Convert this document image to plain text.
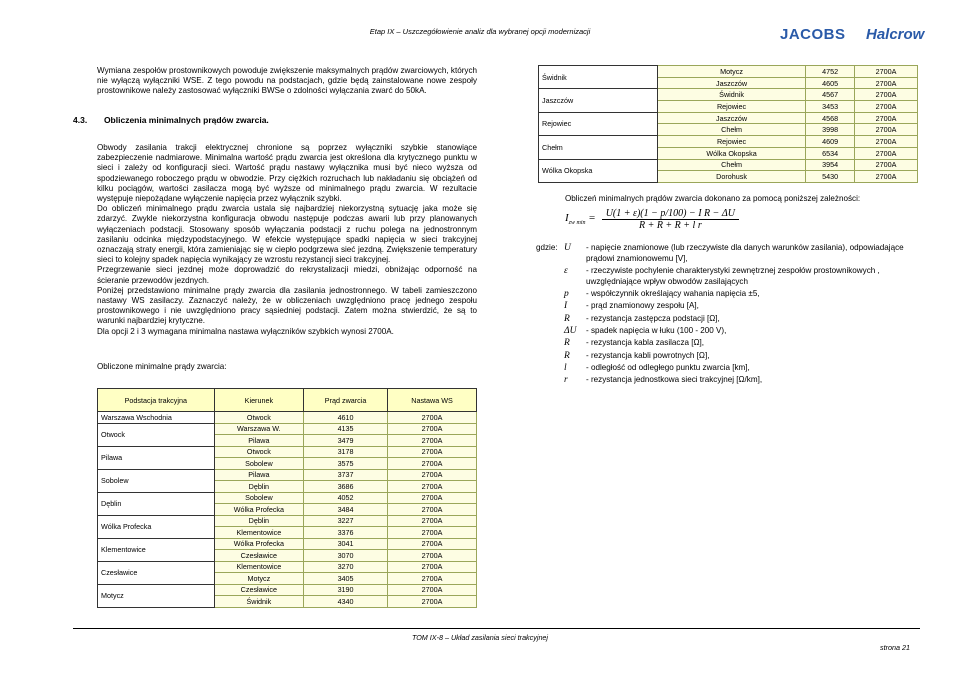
Etap IX – Uszczegółowienie analiz dla wybranej opcji modernizacji	JACOBS Halcrow
Wymiana zespołów prostownikowych powoduje zwiększenie maksymalnych prądów zwarciowych, których nie wyłączą wyłączniki WSE. Z tego powodu na podstacjach, gdzie będą zainstalowane nowe zespoły prostownikowe należy zastosować wyłączniki BWSe o zdolności wyłączania zwarć do 50kA.
4.3. Obliczenia minimalnych prądów zwarcia.
Obwody zasilania trakcji elektrycznej chronione są poprzez wyłączniki szybkie stanowiące zabezpieczenie nadmiarowe. Minimalna wartość prądu zwarcia jest określona dla krytycznego punktu w sieci i zależy od konfiguracji sieci. Wartość prądu nastawy wyłącznika musi być nieco wyższa od spodziewanego roboczego prądu w obwodzie. Przy ciężkich rozruchach lub nakładaniu się obciążeń od kilku pociągów, wartości zasilacza mogą być wyższe od minimalnego prądu zwarcia. W rezultacie występuje niepożądane wyłączenie napięcia przez wyłącznik szybki.
Do obliczeń minimalnego prądu zwarcia ustala się najbardziej niekorzystną sytuację jaka może się zdarzyć. Zwykle niekorzystna konfiguracja obwodu następuje podczas awarii lub przy planowanych wyłączeniach podstacji. Stosowany sposób wyłączania podstacji z ruchu polega na jednostronnym zasilaniu odcinka międzypodstacyjnego. W efekcie występujące spadki napięcia w sieci trakcyjnej oznaczają straty energii, która zamieniając się w ciepło podgrzewa sieć jezdną. Zwiększenie temperatury sieci to kolejny spadek napięcia wynikający ze wzrostu rezystancji sieci trakcyjnej.
Przegrzewanie sieci jezdnej może doprowadzić do rekrystalizacji miedzi, obniżając odporność na ścieranie przewodów jezdnych.
Poniżej przedstawiono minimalne prądy zwarcia dla zasilania jednostronnego. W tabeli zamieszczono nastawy WS zasilaczy. Zaznaczyć należy, że w obliczeniach uwzględniono pracę jednego zespołu prostownikowego i nie uwzględniono pracy sąsiedniej podstacji. Zatem można stwierdzić, że są to warunki najbardziej krytyczne.
Dla opcji 2 i 3 wymagana minimalna nastawa wyłączników szybkich wynosi 2700A.
Obliczone minimalne prądy zwarcia:
Podstacja trakcyjna	Kierunek	Prąd zwarcia	Nastawa WS
Warszawa Wschodnia	Otwock	4610	2700A
Otwock	Warszawa W.	4135	2700A
	Pilawa	3479	2700A
Pilawa	Otwock	3178	2700A
	Sobolew	3575	2700A
Sobolew	Pilawa	3737	2700A
	Dęblin	3686	2700A
Dęblin	Sobolew	4052	2700A
	Wólka Profecka	3484	2700A
Wólka Profecka	Dęblin	3227	2700A
	Klementowice	3376	2700A
Klementowice	Wólka Profecka	3041	2700A
	Czesławice	3070	2700A
Czesławice	Klementowice	3270	2700A
	Motycz	3405	2700A
Motycz	Czesławice	3190	2700A
	Świdnik	4340	2700A
Świdnik	Motycz	4752	2700A
	Jaszczów	4605	2700A
Jaszczów	Świdnik	4567	2700A
	Rejowiec	3453	2700A
Rejowiec	Jaszczów	4568	2700A
	Chełm	3998	2700A
Chełm	Rejowiec	4609	2700A
	Wólka Okopska	6534	2700A
Wólka Okopska	Chełm	3954	2700A
	Dorohusk	5430	2700A
Obliczeń minimalnych prądów zwarcia dokonano za pomocą poniższej zależności:
$I_{zw min} = \frac{\text{U(1 + ε)(1 − p/100) − I R − ΔU}}{\text{R + R + R + l r}}$
gdzie: U	- napięcie znamionowe (lub rzeczywiste dla danych warunków zasilania), odpowiadające prądowi znamionowemu [V],
ε	- rzeczywiste pochylenie charakterystyki zewnętrznej zespołów prostownikowych , uwzględniające wpływ obwodów zasilających
p	- współczynnik określający wahania napięcia ±5,
I	- prąd znamionowy zespołu [A],
R	- rezystancja zastępcza podstacji [Ω],
ΔU	- spadek napięcia w łuku (100 - 200 V),
R	- rezystancja kabla zasilacza [Ω],
R	- rezystancja kabli powrotnych [Ω],
l	- odległość od odległego punktu zwarcia [km],
r	- rezystancja jednostkowa sieci trakcyjnej [Ω/km],
TOM IX-8 – Układ zasilania sieci trakcyjnej
strona 21
